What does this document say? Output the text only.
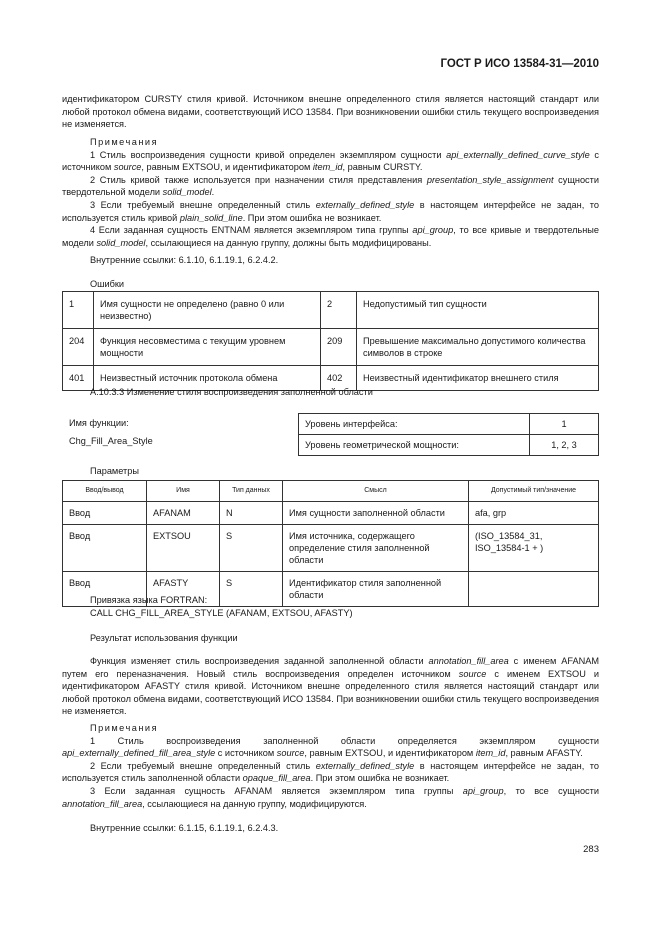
ГОСТ Р ИСО 13584-31—2010

идентификатором CURSTY стиля кривой. Источником внешне определенного стиля является настоящий стандарт или любой протокол обмена видами, соответствующий ИСО 13584. При возникновении ошибки стиль текущего воспроизведения не изменяется.

Примечания

1 Стиль воспроизведения сущности кривой определен экземпляром сущности api_externally_defined_curve_style с источником source, равным EXTSOU, и идентификатором item_id, равным CURSTY.

2 Стиль кривой также используется при назначении стиля представления presentation_style_assignment сущности твердотельной модели solid_model.

3 Если требуемый внешне определенный стиль externally_defined_style в настоящем интерфейсе не задан, то используется стиль кривой plain_solid_line. При этом ошибка не возникает.

4 Если заданная сущность ENTNAM является экземпляром типа группы api_group, то все кривые и твердотельные модели solid_model, ссылающиеся на данную группу, должны быть модифицированы.

Внутренние ссылки: 6.1.10, 6.1.19.1, 6.2.4.2.

Ошибки

1	Имя сущности не определено (равно 0 или неизвестно)	2	Недопустимый тип сущности
204	Функция несовместима с текущим уровнем мощности	209	Превышение максимально допустимого количества символов в строке
401	Неизвестный источник протокола обмена	402	Неизвестный идентификатор внешнего стиля

А.10.3.3 Изменение стиля воспроизведения заполненной области

Имя функции:
Chg_Fill_Area_Style
Уровень интерфейса:	1
Уровень геометрической мощности:	1, 2, 3

Параметры

Ввод/вывод	Имя	Тип данных	Смысл	Допустимый тип/значение
Ввод	AFANAM	N	Имя сущности заполненной области	afa, grp
Ввод	EXTSOU	S	Имя источника, содержащего определение стиля заполненной области	(ISO_13584_31, ISO_13584-1 + )
Ввод	AFASTY	S	Идентификатор стиля заполненной области	

Привязка языка FORTRAN:

CALL CHG_FILL_AREA_STYLE (AFANAM, EXTSOU, AFASTY)

Результат использования функции

Функция изменяет стиль воспроизведения заданной заполненной области annotation_fill_area с именем AFANAM путем его переназначения. Новый стиль воспроизведения определен источником source с именем EXTSOU и идентификатором AFASTY стиля кривой. Источником внешне определенного стиля является настоящий стандарт или любой протокол обмена видами, соответствующий ИСО 13584. При возникновении ошибки стиль текущего воспроизведения не изменяется.

Примечания

1 Стиль воспроизведения заполненной области определяется экземпляром сущности api_externally_defined_fill_area_style с источником source, равным EXTSOU, и идентификатором item_id, равным AFASTY.

2 Если требуемый внешне определенный стиль externally_defined_style в настоящем интерфейсе не задан, то используется стиль заполненной области opaque_fill_area. При этом ошибка не возникает.

3 Если заданная сущность AFANAM является экземпляром типа группы api_group, то все сущности annotation_fill_area, ссылающиеся на данную группу, модифицируются.

Внутренние ссылки: 6.1.15, 6.1.19.1, 6.2.4.3.

283
